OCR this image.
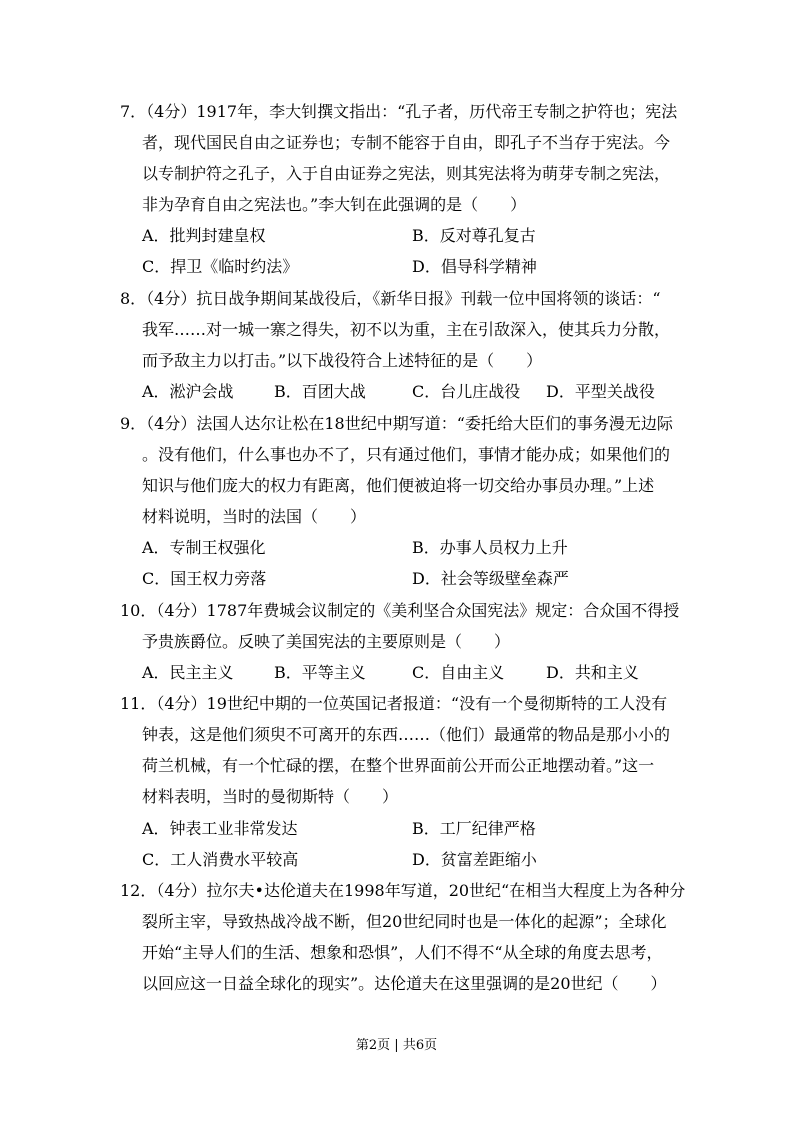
7．（4分）1917年，李大钊撰文指出：“孔子者，历代帝王专制之护符也；宪法
者，现代国民自由之证券也；专制不能容于自由，即孔子不当存于宪法。今
以专制护符之孔子，入于自由证券之宪法，则其宪法将为萌芽专制之宪法，
非为孕育自由之宪法也。”李大钊在此强调的是（　　）
A．批判封建皇权	B．反对尊孔复古
C．捍卫《临时约法》	D．倡导科学精神
8．（4分）抗日战争期间某战役后，《新华日报》刊载一位中国将领的谈话：“
我军……对一城一寨之得失，初不以为重，主在引敌深入，使其兵力分散，
而予敌主力以打击。”以下战役符合上述特征的是（　　）
A．淞沪会战	B．百团大战	C．台儿庄战役 D．平型关战役
9．（4分）法国人达尔让松在18世纪中期写道：“委托给大臣们的事务漫无边际
。没有他们，什么事也办不了，只有通过他们，事情才能办成；如果他们的
知识与他们庞大的权力有距离，他们便被迫将一切交给办事员办理。”上述
材料说明，当时的法国（　　）
A．专制王权强化	B．办事人员权力上升
C．国王权力旁落	D．社会等级壁垒森严
10．（4分）1787年费城会议制定的《美利坚合众国宪法》规定：合众国不得授
予贵族爵位。反映了美国宪法的主要原则是（　　）
A．民主主义	B．平等主义	C．自由主义	D．共和主义
11．（4分）19世纪中期的一位英国记者报道：“没有一个曼彻斯特的工人没有
钟表，这是他们须臾不可离开的东西……（他们）最通常的物品是那小小的
荷兰机械，有一个忙碌的摆，在整个世界面前公开而公正地摆动着。”这一
材料表明，当时的曼彻斯特（　　）
A．钟表工业非常发达	B．工厂纪律严格
C．工人消费水平较高	D．贫富差距缩小
12．（4分）拉尔夫•达伦道夫在1998年写道，20世纪“在相当大程度上为各种分
裂所主宰，导致热战冷战不断，但20世纪同时也是一体化的起源”；全球化
开始“主导人们的生活、想象和恐惧”，人们不得不“从全球的角度去思考，
以回应这一日益全球化的现实”。达伦道夫在这里强调的是20世纪（　　）
第2页 | 共6页
